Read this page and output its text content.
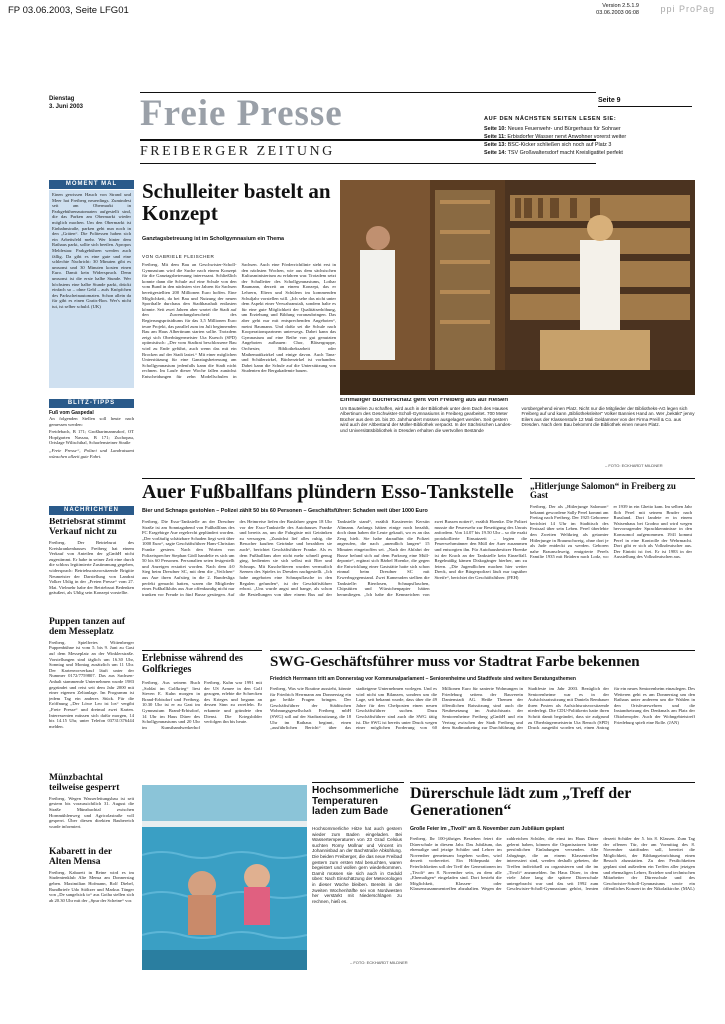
FP 03.06.2003, Seite LFG01	Version 2.5.1.9
03.06.2003 06:08 ppi ProPag
Dienstag
3. Juni 2003 Freie Presse
FREIBERGER ZEITUNG
Seite 9
AUF DEN NÄCHSTEN SEITEN LESEN SIE:
Seite 10: Neues Feuerwehr- und Bürgerhaus für Sohraer
Seite 11: Erbisdorfer Wasser nervt Anwohner vorerst weiter
Seite 13: BSC-Kicker schließen sich noch auf Platz 3
Seite 14: TSV Großwaltersdorf macht Kreisligatitel perfekt
MOMENT MAL
Einen gewissen Hauch von Strand und Meer hat Freiberg neuerdings. Zumindest seit am Obermarkt in Parkgebührenautomaten aufgestellt sind, die das Parken am Obermarkt wieder möglich machen. Um den Obermarkt ist Einbahnstraße, parken geht nun noch in den „Gräten“. Die Politessen haben sich ein Arbeitsfeld mehr. Wer hinter dem Rathaus parkt, sollte sich beeilen. Apropos Meldestau: Parkgebühren werden auch fällig. Da gibt es eine gute und eine schlechte Nachricht: 30 Minuten gibt es umsonst und 30 Minuten kosten einen Euro. Damit kein Widerspruch. Denn umsonst ist die erste halbe Stunde. Wer höchstens eine halbe Stunde parkt, drückt einfach so – ohne Geld – aufs Knöpfchen des Parkscheinautomaten. Schon allein da für gibt es einen Gratis-Bon. Wer's nicht tut, ist selber schuld. (UK)
BLITZ-TIPPS
Fuß vom Gaspedal
An folgenden Stellen soll heute nach gemessen werden:
Freidebach, B 171; Großhartmannsdorf, OT Hopfgarten Nassau, B 171; Zuchopau, Ortslage Wilischthal, Scharfensteiner Straße
„Freie Presse“, Polizei und Landratsamt wünschen allzeit gute Fahrt.
NACHRICHTEN
Betriebsrat stimmt Verkauf nicht zu
Freiberg. Der Betriebsrat des Kreiskrankenhauses Freiberg hat einem Verkauf von Anteilen der gGmbH nicht zugestimmt. Er habe in seiner Zeit eine durch die schloss legitimierte Zustimmung gegeben, widersprach: Betriebsratsvorsitzende Brigitte Neumeister der Darstellung von Landrat Volker Uhlig in der „Freien Presse“ vom 27. Mai. Vielmehr habe der Betriebsrat Bedenken geäußert, als Uhlig sein Konzept vorstellte.
Puppen tanzen auf dem Messeplatz
Freiberg. Spielfreies Wittenberger Puppenbühne ist vom 5. bis 9. Juni zu Gast auf dem Messeplatz an der Winklerstraße. Vorstellungen sind täglich um 16.30 Uhr, Sonntag und Montag zusätzlich um 11 Uhr. Der Kartenvorverkauf läuft unter der Nummer 0172/7759807. Das aus Sachsen-Anhalt stammende Unternehmen wurde 1983 gegründet und reist seit dem Jahr 2000 mit einer eigenen Zeltanlage. Im Programm ist jedem Tag ein anderes Stück. Für die Eröffnung „Der Löwe Leo ist los“ vergibt „Freie Presse“ und dreimal zwei Karten. Interessenten müssen sich dafür morgen, 14 bis 14.15 Uhr, unter Telefon 03731/376444 melden.
Münzbachtal teilweise gesperrt
Freiberg. Wegen Wasserleitungsbau ist seit gestern bis voraussichtlich 31. August die Straße Münzbachtal zwischen Hornmühlenweg und Agricolastraße voll gesperrt. Über diesen direkten Baubereich wurde informiert.
Kabarett in der Alten Mensa
Freiberg. Kabarett in Reine wird es im Studentenklub Alte Mensa am Donnerstag geben. Maximilian Hofmann, Rolf Diebel, Rundbriefe Udo Stöltzer und Markus Tänger von „De sangelsick to“ aus Gotha stellen sich ab 20.30 Uhr mit der „Spur der Scheine“ vor.
Schulleiter bastelt an Konzept
Ganztagsbetreuung ist im Schollgymnasium ein Thema
VON GABRIELE FLEISCHER
Freiberg. Mit dem Bau an Geschwister-Scholl-Gymnasium wird die Suche nach einem Konzept für die Ganztagsbetreuung interessant. Schließlich konnte dann die Schule auf eine Schule von den vom Bund in den nächsten vier Jahren für Sachsen bereitgestellten 200 Millionen Euro hoffen. Eine Möglichkeit, da bei Bau und Nutzung der neuen Sporthalle durchaus den Stadthaushalt entlasten könnte. Seit zwei Jahren aber wartet die Stadt auf den Zuwendungsbescheid des Regierungspräsidiums für das 3,5 Millionen Euro teure Projekt, das parallel zum im Juli beginnenden Bau am Haus Albertinum starten sollte. Trotzdem zeigt sich Oberbürgermeister Uta Kuesch (SPD) optimistisch: „Der vom Stadtrat beschlossene Bau wird zu Ende geführt, auch wenn das mit ein Brocken auf der Stadt lastet.“ Mit einer möglichen Unterstützung für eine Ganztagsbetreuung am Schollgymnasium jedenfalls kann die Stadt nicht rechnen. Im Laufe dieser Woche fallen zunächst Entscheidungen für zehn Modellschulen in Sachsen. Auch eine Förderrichtlinie steht erst in den nächsten Wochen, wie aus dem sächsischen Kultusministerium zu erfahren war. Trotzdem setzt der Schulleiter des Schollgymnasiums, Lothar Baumann, derzeit an einem Konzept, das er Lehrern, Eltern und Schülern im kommenden Schuljahr vorstellen will. „Ich sehe das nicht unter dem Aspekt einer Verwahranstalt, sondern halte es für eine gute Möglichkeit der Qualitätserhöhung, um Erziehung und Bildung voranzubringen. Das aber geht nur mit entsprechenden Angeboten“, meint Baumann. Und dafür sei die Schule nach Kooperationspartnern unterwegs. Dabei kann das Gymnasium auf eine Reihe von gut genutzten Angeboten aufbauen: Chor, Bläsergruppe, Orchester, Bibliotheksarbeit oder Mathematikzirkel und einige davon. Auch Tanz- und Schülerzirkel, Bücherzirkel ist vorhanden. Dabei kann die Schule auf die Unterstützung von Studenten der Bergakademie bauen.
Einmaliger Bücherschatz geht von Freiberg aus auf Reisen
Um Bauteilen zu schaffen, wird auch in der Bibliothek unter dem Dach des Hauses Albertinum des Geschwister-Scholl-Gymnasiums in Freiberg gearbeitet. 700 Meter Bücher aus dem 16. bis 20. Jahrhundert müssen ausgelagert werden. Seit gestern wird auch der Altbestand der Müller-Bibliothek verpackt. In der Sächsischen Landes- und Universitätsbibliothek in Dresden erhalten die wertvollen Bestände vorübergehend einen Platz. Nicht nur die Mitglieder der Bibliotheks-AG legen sich Freiberg auf und kann „Bibliotheksleiter“ Volker Bannies Hand an. Wer „bekäkt“ jenny Eilers aus der Klassenstufe 12 Mali Geldammer von der Firma Preill & Co. aus Dresden. Nach dem Bau bekommt die Bibliothek einen neuen Platz.
– FOTO: ECKHARDT MILDNER
Auer Fußballfans plündern Esso-Tankstelle
Bier und Schnaps gestohlen – Polizei zählt 50 bis 60 Personen – Geschäftsführer: Schaden weit über 1000 Euro
Freiberg. Die Esso-Tankstelle an der Dresdner Straße ist am Sonntagabend von Fußballfans des FC Erzgebirge Aue regelrecht geplündert worden. „Der vorläufig schätzbare Schaden liegt weit über 1000 Euro“, sagte Geschäftsführer Hans-Christian Franke gestern. Nach den Worten von Polizeisprecher Stephan Gödl handelte es sich um 50 bis 60 Personen. Personalien seien festgestellt und Anzeigen erstattet worden. Nach dem 4:0 Sieg beim Dresdner SC, mit dem die „Veilchen“ aus Aue ihren Aufstieg in die 2. Bundesliga perfekt gemacht hatten, waren die Mitglieder eines Fußballklubs aus Aue offenkundig nicht nur trunken vor Freude in fünf Busse gestiegen. Auf des Heimreise liefen der Busfahrer gegen 18 Uhr vor der Esso-Tankstelle des Autohauses Franke und bereits an, um die Fahrgäste mit Getränken zu versorgen. „Zunächst lief alles ruhig, die Besucher kauften Getränke und bezahlten sie auch“, berichtet Geschäftsführer Franke. Als es dem Fußballfans aber nicht mehr schnell genug ging, bedienten sie sich selbst mit Bier und Schnaps. Mit Kuscheltieren wurden vermutlich Szenen des Spieles in Dresden nachgestellt. „Ich habe angeboten eine Schnapsflasche in den Regalen gefunden“, ist der Geschäftsführer erbost. „Uns wurde angst und bange, als schon die Bestellungen von über einem Bus auf der Tankstelle stand“, erzählt Kassiererin Kerstin Altmann. Anfangs hätten einige noch bezahlt, doch dann haben die Leute gekauft, wo es an das Zeug hielt. Sie habe daraufhin die Polizei angerufen, die nach „unendlich langen“ 15 Minuten eingetroffen sei. „Nach der Abfahrt der Busse befand sich auf dem Parkweg eine Müll-deponie“, ergänzt sich Bärbel Hoenke, die gegen die Entwicklung einer Gaststätte hatte sich schon einmal beim Dresdner SC mit Erwerbsgegenstand. Zwei Kameraden stellten die Tankstelle: Bierdosen, Schnapsflaschen, Chipstüten und Würstchenpapier hätten herumliegen. „Ich habe die Kennzeichen von zwei Bussen notiert“, erzählt Hoenke. Die Polizei musste die Feuerwehr zur Beseitigung des Unrats anfordern. Von 14.07 bis 19.50 Uhr – so die exakt protokollierte Einsatzzeit – legten die Feuerwehrmänner den Müll der Auer zusammen und entsorgten ihn. Für Autohausbesitzer Hoenke ist der Krach an der Tankstelle kein Einzelfall. Regelmäßig kämen Diskogänger hierher, um zu feiern. „Die Jugendlichen machen hier weiter Dreck, und die Bürgerpolizei läuft nur tagsüber Streife“, berichtet der Geschäftsführer. (FEH)
„Hitlerjunge Salomon“ in Freiberg zu Gast
Freiberg. Der als „Hitlerjunge Salomon“ bekannt gewordene Sally Perel kommt am Freitag nach Freiberg. Der 1925 Geborene berichtet 14 Uhr im Stadttisch des Festsaal über sein Leben. Perel überlebte den Zweiten Weltkrieg als getarnter Hitlerjunge in Braunschweig, ohne dort je als Jude entdeckt zu werden. Geboren nahe Braunschweig, emigrierte Perels Familie 1935 mit Brüdern nach Lodz, wo er 1939 in ein Ghetto kam. Im selben Jahr floh Perel mit seinem Bruder nach Russland. Dort landete er in einem Waisenhaus bei Grodno und wird wegen hervorragender Sprachkenntnisse in den Komsomol aufgenommen. 1941 kommt Perel in eine Kontrolle der Wehrmacht. Dort gibt er sich als Volksdeutscher aus. Der Eintritt ist frei. Er ist 1983 in der Ausstellung des Volksdeutschen aus.
Erlebnisse während des Golfkrieges
Freiberg. Aus seinem Buch „Soldat im Golfkrieg“ liest Steven E. Kuhn morgen in Brand-Erbisdorf und Freiberg. 10.30 Uhr ist er zu Gast im Gymnasium Brand-Erbisdorf, 14 Uhr im Haus Dürer des Schollgymnasiums und 20 Uhr im Kunsthandwerkerhof Freiberg. Kuhn war 1991 mit der US Armee in den Golf gezogen, erlebte die Schrecken des Krieges und begann an dessen Sinn zu zweifeln. Er erkannte und gründete den Dienst. Die Kriegsbilder verfolgen ihn bis heute.
SWG-Geschäftsführer muss vor Stadtrat Farbe bekennen
Friedrich Herrmann tritt am Donnerstag vor Kommunalparlament – Seniorenheime und Stadtfeste sind weitere Beratungsthemen
Freiberg. Was wie Routine aussieht, könnte für Friedrich Herrmann am Donnerstag ein gar heikle Fragen bringen. Der Geschäftsführer der Städtischen Wohnungsgesellschaft Freiberg mbH (SWG) soll auf der Stadtratssitzung, die 18 Uhr im Rathaus beginnt, einen „ausführlichen Bericht“ über das stadteigene Unternehmen vorlegen. Und es wird nicht um Bilanzen, sondern um die Lage, seit bekannt wurde, dass über die 49 Jahre für den Chefposten einen neuen Geschäftsführer suchen. Dazu Geschäftsführer sind auch die SWG tätig ist. Die SWG ist bereits unter Druck wegen einer möglichen Forderung von 60 Millionen Euro für sanierte Wohnungen in Friedeburg seitens der Bauverein Dantenstadt AG. Heiße Themen der öffentlichen Ratssitzung sind auch die Neubesetzung im Aufsichtsrats der Seniorenheime Freiberg gGmbH und ein Vertrag zwischen der Stadt Freiberg und dem Stadtmarketing zur Durchführung der Stadtfeste im Jahr 2003. Bezüglich der Seniorenheime war es in der Aufsichtsratssitzung mit Daniela Rembauer ihren Posten als Aufsichtsratsvorsitzende niederlegt. Die CDU-Politikerin hatte ihren Schritt damit begründet, dass sie aufgrund zu Oberbürgermeisterin Uta Rensch (SPD) Druck ausgeübt worden sei, einen Antrag für ein neues Seniorenheim einzulegen. Des Weiteren geht es am Donnerstag um den Rathaus unter anderem um die Wahlen in den Ortsfeuerwehren und die Instandsetzung des Denkmals am Platz der Oktoberopfer. Auch der Wohngebietstreff Friedeburg spielt eine Rolle. (JAN)
Hochsommerliche Temperaturen laden zum Bade
Hochsommerliche Hitze hat auch gestern wieder zum Baden eingeladen. Bei Wassertemperaturen von 23 Grad Celsius suchten Romy Mollnar und Vincent im Johannisbad an der Bachstraße Abkühlung. Die beiden Freiberger, die das neue Freibad gestern zum ersten Mal besuchten, waren begeistert und wollen gern wiederkommen. Damit müssen sie sich auch in Geduld üben: Nach Einschätzung der Meteorologen in dieser Woche bleiben. Bereits in der zweiten Wochenhälfte sei von Nordwesten her verstärkt mit Niederschlägen zu rechnen, hieß es.
– FOTO: ECKHARDT MILDNER
Dürerschule lädt zum „Treff der Generationen“
Große Feier im „Tivoli“ am 8. November zum Jubiläum geplant
Freiberg. Ihr 100-jähriges Bestehen feiert die Dürerschule in diesem Jahr. Das Jubiläum, das ehemalige und jetzige Schüler und Lehrer im November gemeinsam begehen wollen, wird derzeit vorbereitet. Ein Höhepunkt der Feierlichkeiten soll der Treff der Generationen im „Tivoli“ am 8. November sein, zu dem alle „Ehemaligen“ eingeladen sind. Dort besteht die Möglichkeit, Klassen- oder Klassenzusammentreffen abzuhalten. Wegen der zahlreichen Schüler, die einst im Haus Dürer gelernt haben, können die Organisatoren keine persönlichen Einladungen versenden. Alle Jahrgänge, die an einem Klassentreffen interessiert sind, werden deshalb gebeten, die Treffen individuell zu organisieren und die im „Tivoli“ anzumelden. Im Haus Dürer, in dem viele Jahre lang die spätere Dürerschule untergebracht war und das seit 1992 zum Geschwister-Scholl-Gymnasium gehört, lernten derzeit Schüler der 5. bis 8. Klassen. Zum Tag der offenen Tür, der am Vormittag des 8. November stattfinden soll, bereitet die Möglichkeit, der Bildungseinrichtung einen Besuch abzustatten. Zu den Festlichkeiten geplant sind außerdem ein Treffen aller jetzigen und ehemaligen Lehrer, Erzieher und technischen Mitarbeiter der Dürerschule und des Geschwister-Scholl-Gymnasiums sowie ein öffentliches Konzert in der Nikolaikirche. (MAL)
